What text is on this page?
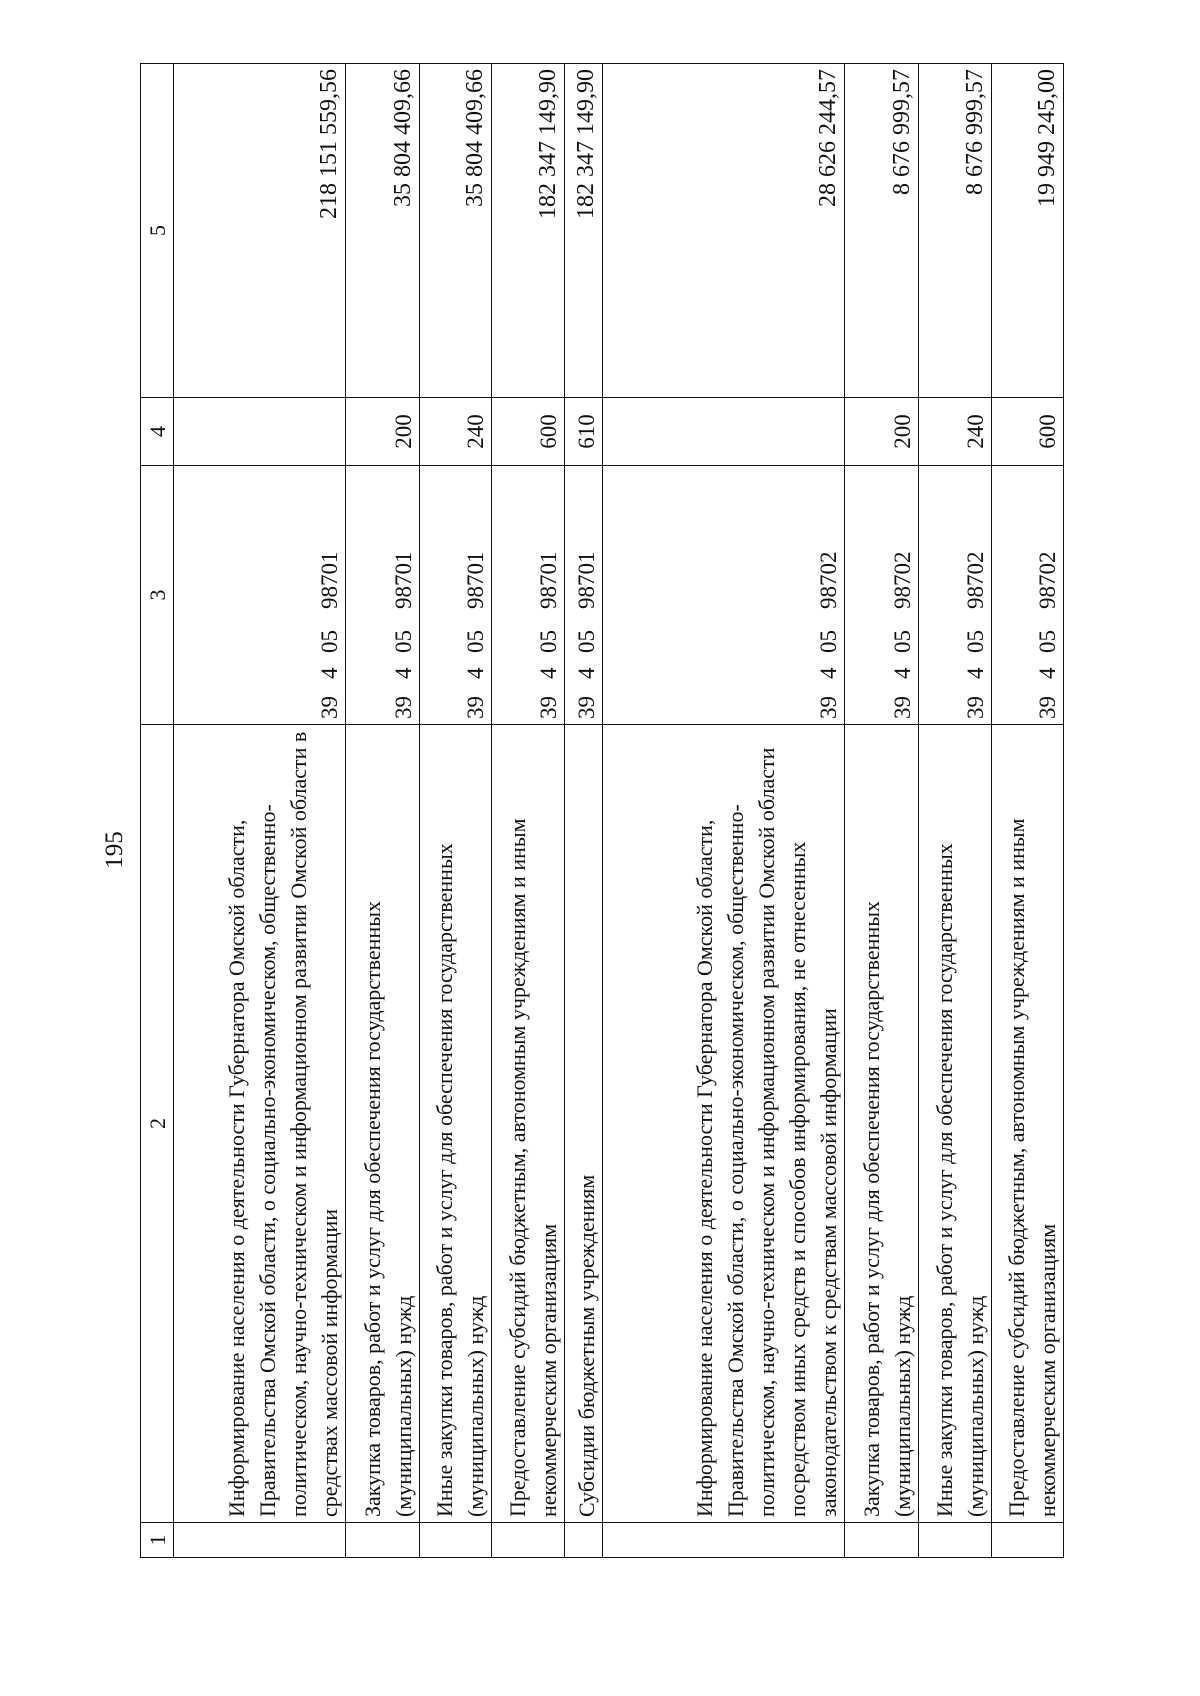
195
1	2	3	4	5
	Информирование населения о деятельности Губернатора Омской области, Правительства Омской области, о социально-экономическом, общественно-политическом, научно-техническом и информационном развитии Омской области в средствах массовой информации	3940598701		218 151 559,56
	Закупка товаров, работ и услуг для обеспечения государственных (муниципальных) нужд	3940598701	200	35 804 409,66
	Иные закупки товаров, работ и услуг для обеспечения государственных (муниципальных) нужд	3940598701	240	35 804 409,66
	Предоставление субсидий бюджетным, автономным учреждениям и иным некоммерческим организациям	3940598701	600	182 347 149,90
	Субсидии бюджетным учреждениям	3940598701	610	182 347 149,90
	Информирование населения о деятельности Губернатора Омской области, Правительства Омской области, о социально-экономическом, общественно-политическом, научно-техническом и информационном развитии Омской области посредством иных средств и способов информирования, не отнесенных законодательством к средствам массовой информации	3940598702		28 626 244,57
	Закупка товаров, работ и услуг для обеспечения государственных (муниципальных) нужд	3940598702	200	8 676 999,57
	Иные закупки товаров, работ и услуг для обеспечения государственных (муниципальных) нужд	3940598702	240	8 676 999,57
	Предоставление субсидий бюджетным, автономным учреждениям и иным некоммерческим организациям	3940598702	600	19 949 245,00
